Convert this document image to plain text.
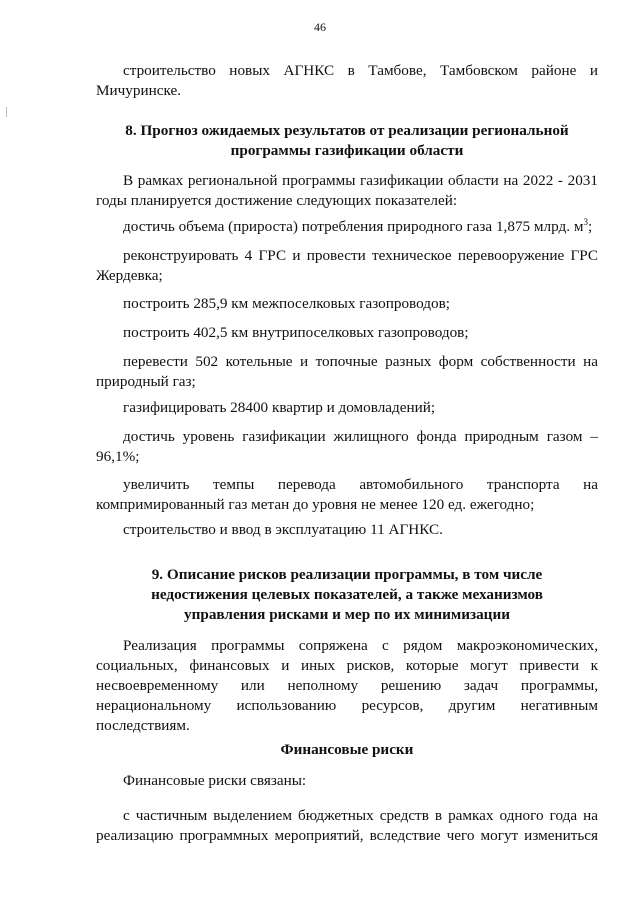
46
строительство новых АГНКС в Тамбове, Тамбовском районе и
Мичуринске.
8. Прогноз ожидаемых результатов от реализации региональной
программы газификации области
В рамках региональной программы газификации области на 2022 - 2031
годы планируется достижение следующих показателей:
достичь объема (прироста) потребления природного газа 1,875 млрд. $м^3$;
реконструировать 4 ГРС и провести техническое перевооружение ГРС
Жердевка;
построить 285,9 км межпоселковых газопроводов;
построить 402,5 км внутрипоселковых газопроводов;
перевести 502 котельные и топочные разных форм собственности на
природный газ;
газифицировать 28400 квартир и домовладений;
достичь уровень газификации жилищного фонда природным газом –
96,1%;
увеличить темпы перевода автомобильного транспорта на
компримированный газ метан до уровня не менее 120 ед. ежегодно;
строительство и ввод в эксплуатацию 11 АГНКС.
9. Описание рисков реализации программы, в том числе
недостижения целевых показателей, а также механизмов
управления рисками и мер по их минимизации
Реализация программы сопряжена с рядом макроэкономических,
социальных, финансовых и иных рисков, которые могут привести к
несвоевременному или неполному решению задач программы,
нерациональному использованию ресурсов, другим негативным
последствиям.
Финансовые риски
Финансовые риски связаны:
с частичным выделением бюджетных средств в рамках одного года на
реализацию программных мероприятий, вследствие чего могут измениться
